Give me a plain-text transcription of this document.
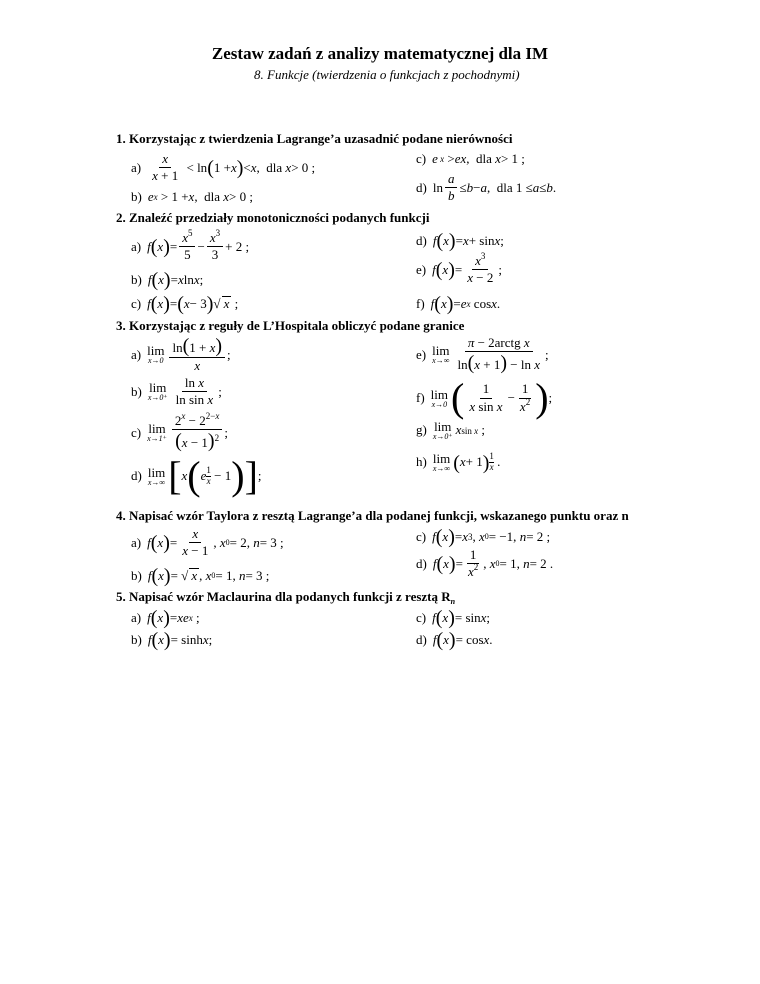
Zestaw zadań z analizy matematycznej dla IM
8. Funkcje (twierdzenia o funkcjach z pochodnymi)
1. Korzystając z twierdzenia Lagrange’a uzasadnić podane nierówności
a)
x
x + 1
< ln ( 1 + x ) < x ,  dla x > 0 ;
b) e x > 1 + x ,  dla x > 0 ;
c) e x > ex ,  dla x > 1 ;
d) ln
a
b
≤ b − a ,  dla 1 ≤ a ≤ b .
2. Znaleźć przedziały monotoniczności podanych funkcji
a) f ( x ) =
$x^5$
5
−
$x^3$
3
+ 2 ;
b) f ( x ) = x ln x ;
c) f ( x ) = ( x − 3 ) √ x ;
d) f ( x ) = x + sin x ;
e) f ( x ) =
$x^3$
x − 2
;
f) f ( x ) = e x cos x .
3. Korzystając z reguły de L’Hospitala obliczyć podane granice
a) lim
x→0
ln(1 + x)
x
;
b) lim
x→0⁺
ln x
ln sin x
;
c) lim
x→1⁺
$2^x - 2^{2-x}$
$(x - 1)^2$ ;
d) lim
x→∞ [ x ( e 1
x − 1 ) ] ;
e) lim
x→∞
π − 2arctg x
ln(x + 1) − ln x
;
f) lim
x→0 ( 1
x sin x
−
1
$x^2$ ) ;
g) lim
x→0⁺ x sin x ;
h) lim
x→∞ ( x + 1 ) 1
x .
4. Napisać wzór Taylora z resztą Lagrange’a dla podanej funkcji, wskazanego punktu oraz n
a) f ( x ) =
x
x − 1
, x 0 = 2, n = 3 ;
b) f ( x ) = √ x , x 0 = 1, n = 3 ;
c) f ( x ) = x 3 , x 0 = −1, n = 2 ;
d) f ( x ) =
1
$x^2$ , x 0 = 1, n = 2 .
5. Napisać wzór Maclaurina dla podanych funkcji z resztą $R_n$
a) f ( x ) = xe x ;
b) f ( x ) = sinh x ;
c) f ( x ) = sin x ;
d) f ( x ) = cos x .
